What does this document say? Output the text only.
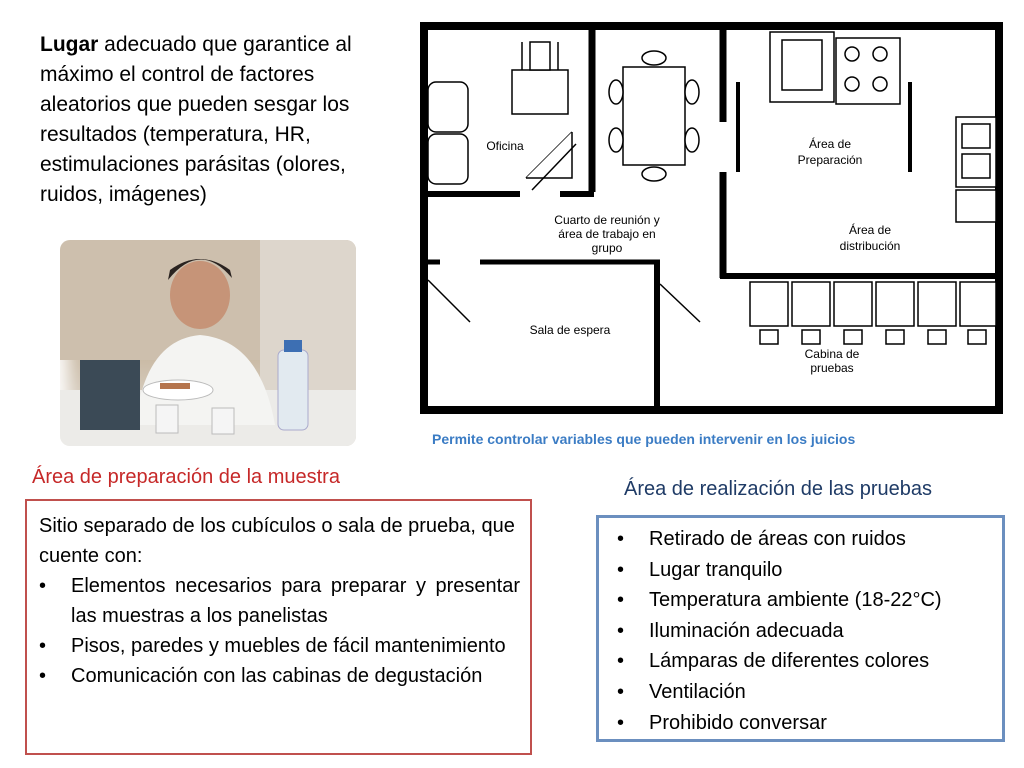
Lugar adecuado que garantice al máximo el control de factores aleatorios que pueden sesgar los resultados (temperatura, HR, estimulaciones parásitas (olores, ruidos, imágenes)
Oficina
Cuarto de reunión y
área de trabajo en
grupo
Área de
Preparación
Área de
distribución
Sala de espera
Cabina de
pruebas
Permite controlar variables que pueden intervenir en los juicios
Área de preparación de la muestra
Área de realización de las pruebas
Sitio separado de los cubículos o sala de prueba, que cuente con:
• Elementos necesarios para preparar y presentar las muestras a los panelistas
• Pisos, paredes y muebles de fácil mantenimiento
• Comunicación con las cabinas de degustación
• Retirado de áreas con ruidos
• Lugar tranquilo
• Temperatura ambiente (18-22°C)
• Iluminación adecuada
• Lámparas de diferentes colores
• Ventilación
• Prohibido conversar
